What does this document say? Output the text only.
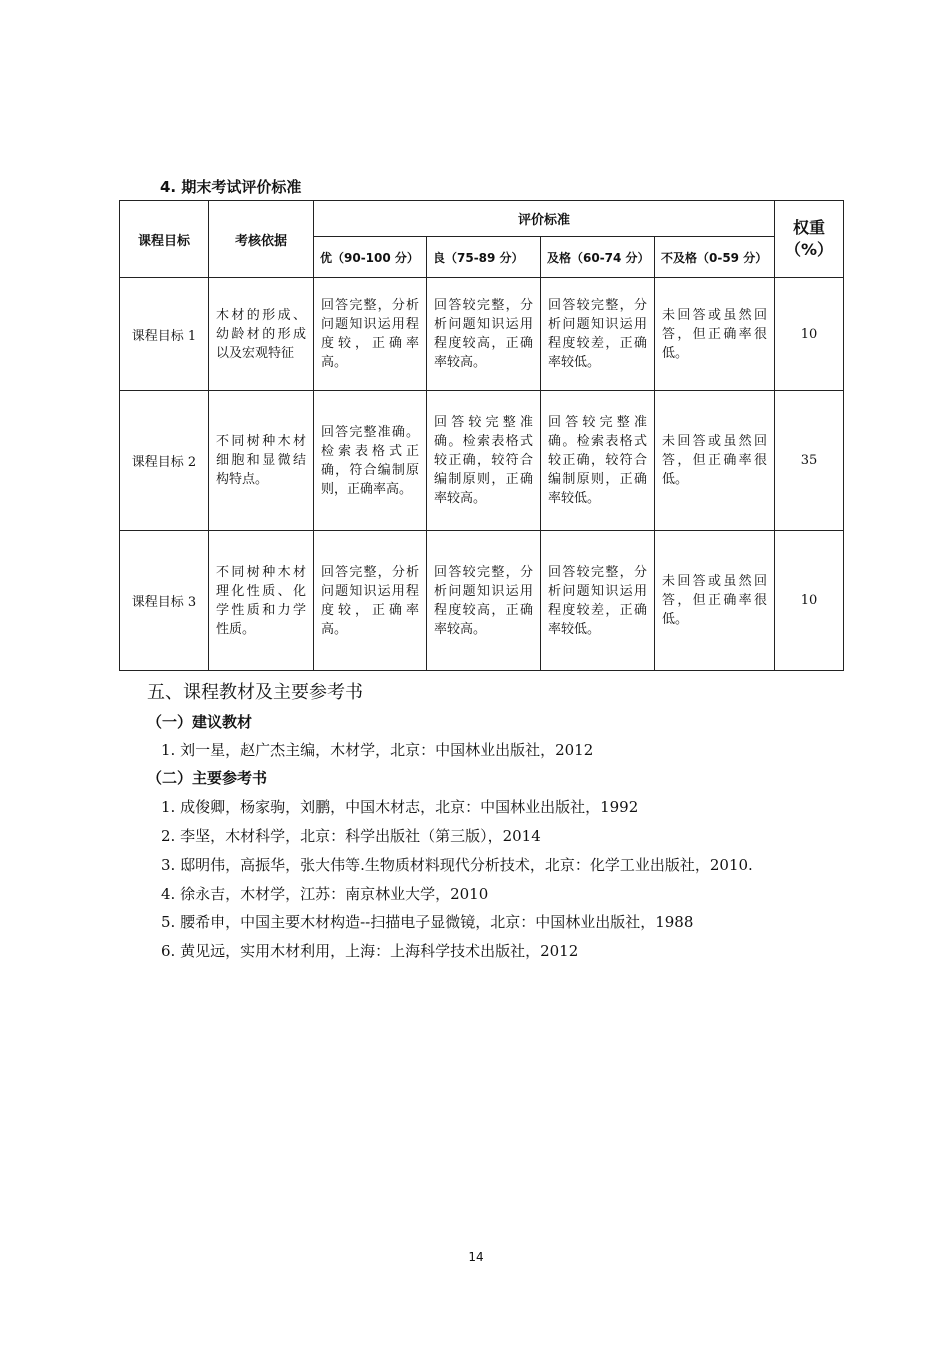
4. 期末考试评价标准
课程目标	考核依据	评价标准				权重
（%）

		优（90-100 分）	良（75-89 分）	及格（60-74 分）	不及格（0-59 分）	
课程目标 1	木材的形成、幼龄材的形成以及宏观特征	回答完整，分析问题知识运用程度较，正确率高。	回答较完整，分析问题知识运用程度较高，正确率较高。	回答较完整，分析问题知识运用程度较差，正确率较低。	未回答或虽然回答，但正确率很低。	10
课程目标 2	不同树种木材细胞和显微结构特点。	回答完整准确。检索表格式正确，符合编制原则，正确率高。	回答较完整准确。检索表格式较正确，较符合编制原则，正确率较高。	回答较完整准确。检索表格式较正确，较符合编制原则，正确率较低。	未回答或虽然回答，但正确率很低。	35
课程目标 3	不同树种木材理化性质、化学性质和力学性质。	回答完整，分析问题知识运用程度较，正确率高。	回答较完整，分析问题知识运用程度较高，正确率较高。	回答较完整，分析问题知识运用程度较差，正确率较低。	未回答或虽然回答，但正确率很低。	10
五、课程教材及主要参考书
（一）建议教材
1. 刘一星，赵广杰主编，木材学，北京：中国林业出版社，2012
（二）主要参考书
1. 成俊卿，杨家驹，刘鹏，中国木材志，北京：中国林业出版社，1992
2. 李坚，木材科学，北京：科学出版社（第三版），2014
3. 邸明伟，高振华，张大伟等.生物质材料现代分析技术，北京：化学工业出版社，2010.
4. 徐永吉，木材学，江苏：南京林业大学，2010
5. 腰希申，中国主要木材构造--扫描电子显微镜，北京：中国林业出版社，1988
6. 黄见远，实用木材利用，上海：上海科学技术出版社，2012
14
